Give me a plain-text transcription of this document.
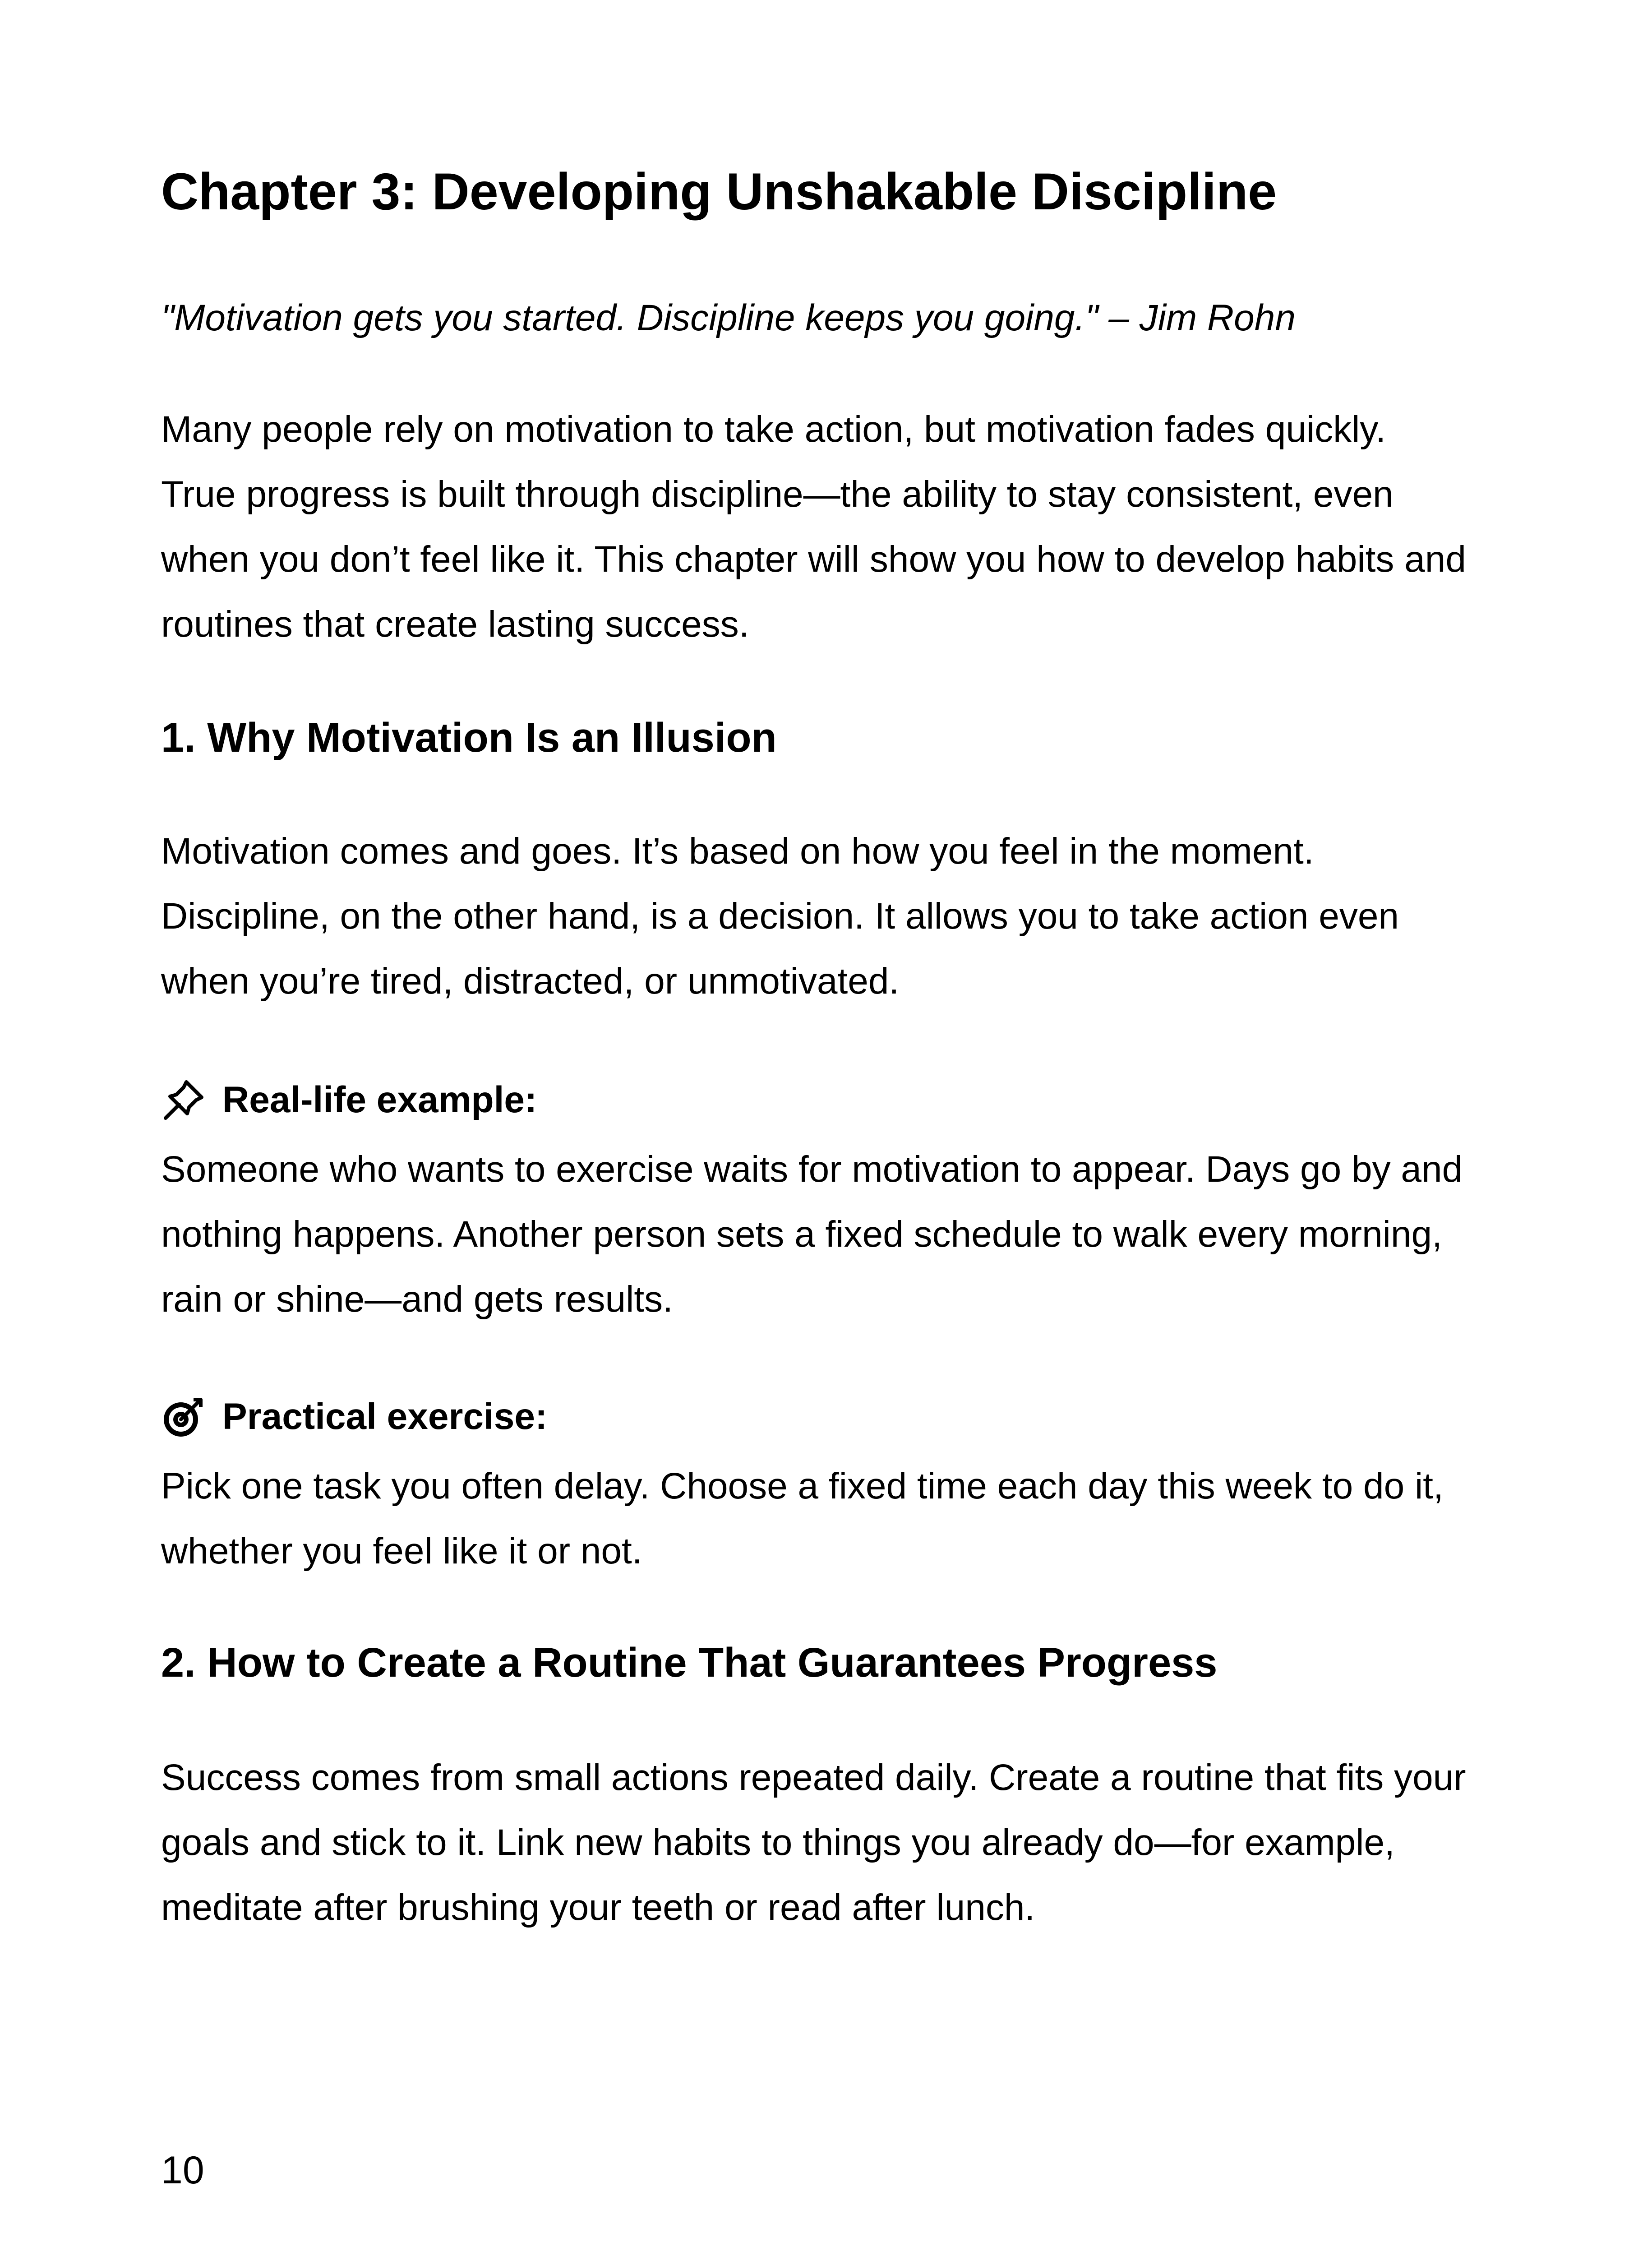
Chapter 3: Developing Unshakable Discipline

"Motivation gets you started. Discipline keeps you going." – Jim Rohn

Many people rely on motivation to take action, but motivation fades quickly.
True progress is built through discipline—the ability to stay consistent, even
when you don’t feel like it. This chapter will show you how to develop habits and
routines that create lasting success.

1. Why Motivation Is an Illusion

Motivation comes and goes. It’s based on how you feel in the moment.
Discipline, on the other hand, is a decision. It allows you to take action even
when you’re tired, distracted, or unmotivated.

Real-life example:

Someone who wants to exercise waits for motivation to appear. Days go by and
nothing happens. Another person sets a fixed schedule to walk every morning,
rain or shine—and gets results.

Practical exercise:

Pick one task you often delay. Choose a fixed time each day this week to do it,
whether you feel like it or not.

2. How to Create a Routine That Guarantees Progress

Success comes from small actions repeated daily. Create a routine that fits your
goals and stick to it. Link new habits to things you already do—for example,
meditate after brushing your teeth or read after lunch.

10
